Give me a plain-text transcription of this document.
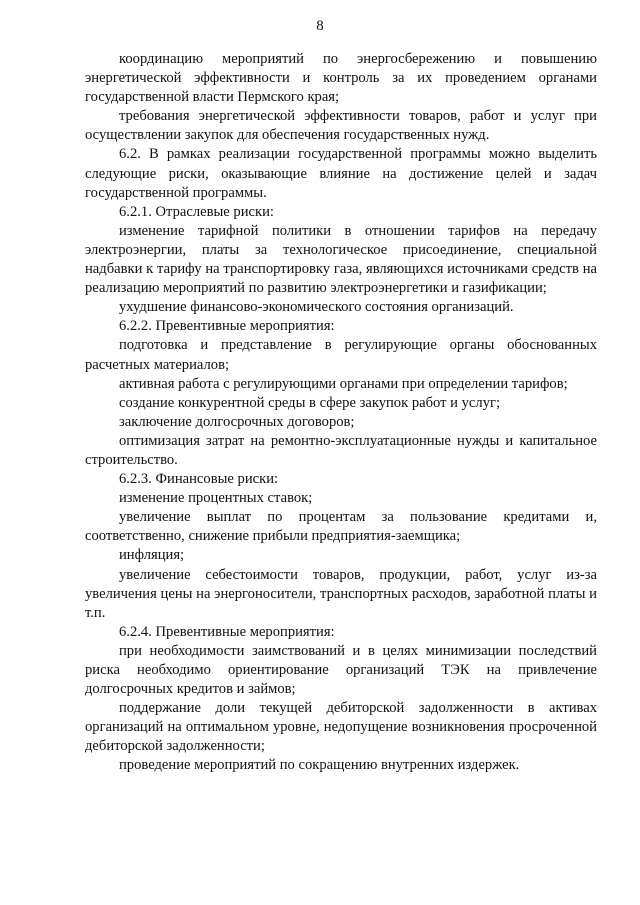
8

координацию мероприятий по энергосбережению и повышению энергетической эффективности и контроль за их проведением органами государственной власти Пермского края;

требования энергетической эффективности товаров, работ и услуг при осуществлении закупок для обеспечения государственных нужд.

6.2. В рамках реализации государственной программы можно выделить следующие риски, оказывающие влияние на достижение целей и задач государственной программы.

6.2.1. Отраслевые риски:

изменение тарифной политики в отношении тарифов на передачу электроэнергии, платы за технологическое присоединение, специальной надбавки к тарифу на транспортировку газа, являющихся источниками средств на реализацию мероприятий по развитию электроэнергетики и газификации;

ухудшение финансово-экономического состояния организаций.

6.2.2. Превентивные мероприятия:

подготовка и представление в регулирующие органы обоснованных расчетных материалов;

активная работа с регулирующими органами при определении тарифов;

создание конкурентной среды в сфере закупок работ и услуг;

заключение долгосрочных договоров;

оптимизация затрат на ремонтно-эксплуатационные нужды и капитальное строительство.

6.2.3. Финансовые риски:

изменение процентных ставок;

увеличение выплат по процентам за пользование кредитами и, соответственно, снижение прибыли предприятия-заемщика;

инфляция;

увеличение себестоимости товаров, продукции, работ, услуг из-за увеличения цены на энергоносители, транспортных расходов, заработной платы и т.п.

6.2.4. Превентивные мероприятия:

при необходимости заимствований и в целях минимизации последствий риска необходимо ориентирование организаций ТЭК на привлечение долгосрочных кредитов и займов;

поддержание доли текущей дебиторской задолженности в активах организаций на оптимальном уровне, недопущение возникновения просроченной дебиторской задолженности;

проведение мероприятий по сокращению внутренних издержек.
